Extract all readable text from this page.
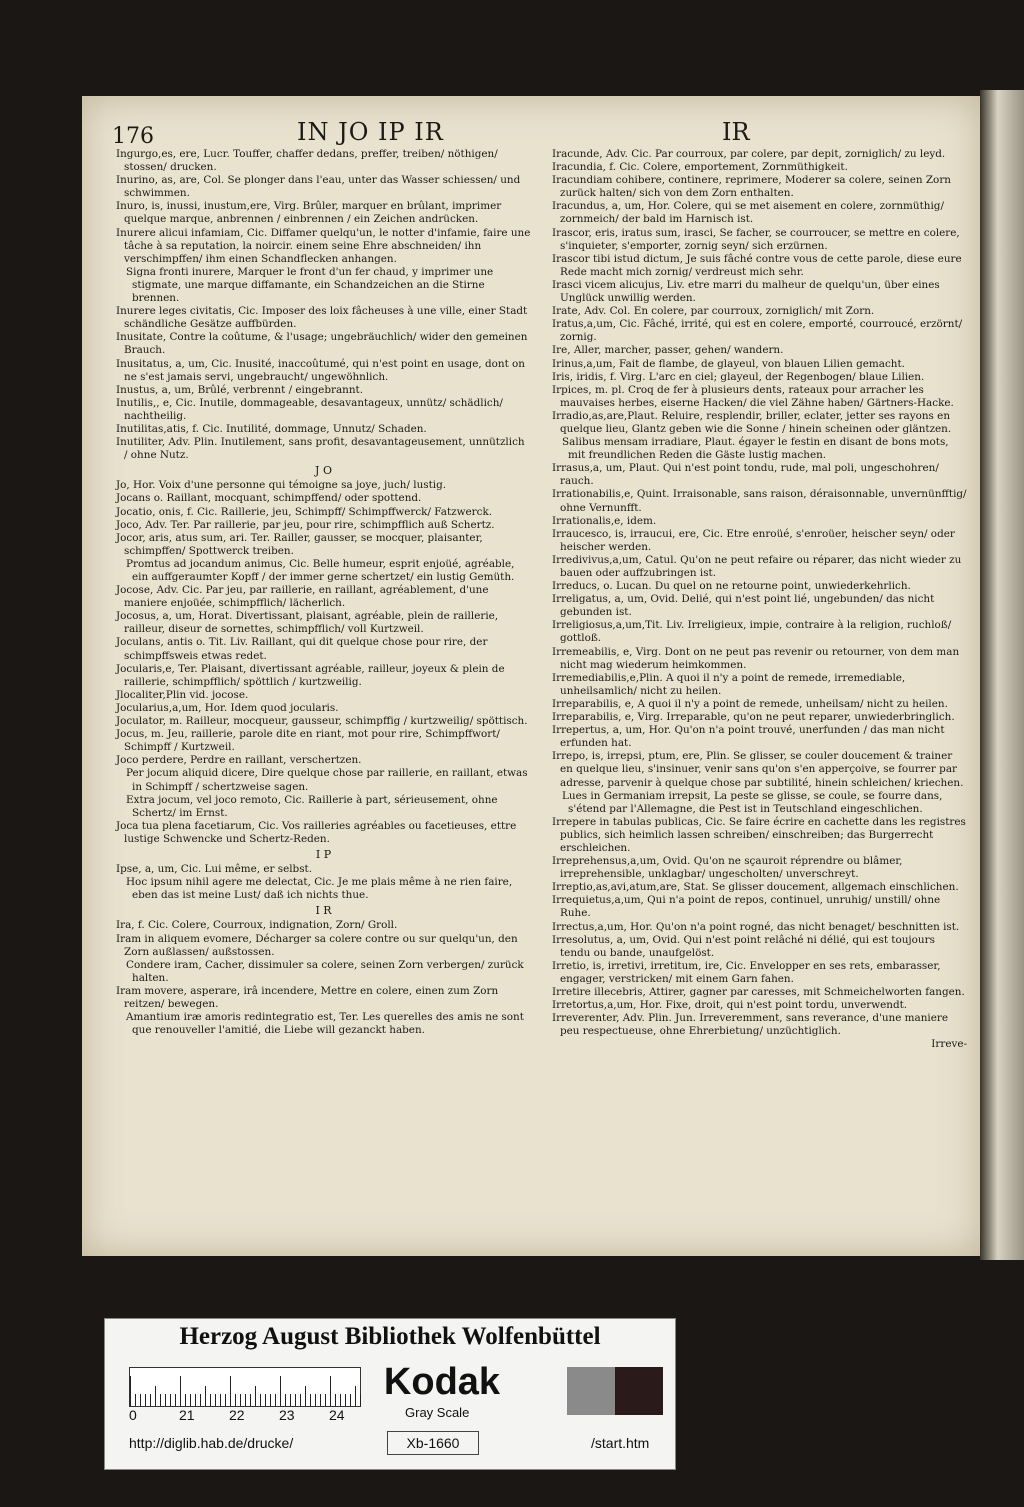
176	IN JO IP IR	IR
Ingurgo,es, ere, Lucr. Touffer, chaffer dedans, preffer, treiben/ nöthigen/ stossen/ drucken.
Inurino, as, are, Col. Se plonger dans l'eau, unter das Wasser schiessen/ und schwimmen.
Inuro, is, inussi, inustum,ere, Virg. Brûler, marquer en brûlant, imprimer quelque marque, anbrennen / einbrennen / ein Zeichen andrücken.
Inurere alicui infamiam, Cic. Diffamer quelqu'un, le notter d'infamie, faire une tâche à sa reputation, la noircir. einem seine Ehre abschneiden/ ihn verschimpffen/ ihm einen Schandflecken anhangen.
Signa fronti inurere, Marquer le front d'un fer chaud, y imprimer une stigmate, une marque diffamante, ein Schandzeichen an die Stirne brennen.
Inurere leges civitatis, Cic. Imposer des loix fâcheuses à une ville, einer Stadt schändliche Gesätze auffbürden.
Inusitate, Contre la coûtume, & l'usage; ungebräuchlich/ wider den gemeinen Brauch.
Inusitatus, a, um, Cic. Inusité, inaccoûtumé, qui n'est point en usage, dont on ne s'est jamais servi, ungebraucht/ ungewöhnlich.
Inustus, a, um, Brûlé, verbrennt / eingebrannt.
Inutilis,, e, Cic. Inutile, dommageable, desavantageux, unnütz/ schädlich/ nachtheilig.
Inutilitas,atis, f. Cic. Inutilité, dommage, Unnutz/ Schaden.
Inutiliter, Adv. Plin. Inutilement, sans profit, desavantageusement, unnützlich / ohne Nutz.
J O
Jo, Hor. Voix d'une personne qui témoigne sa joye, juch/ lustig.
Jocans o. Raillant, mocquant, schimpffend/ oder spottend.
Jocatio, onis, f. Cic. Raillerie, jeu, Schimpff/ Schimpffwerck/ Fatzwerck.
Joco, Adv. Ter. Par raillerie, par jeu, pour rire, schimpfflich auß Schertz.
Jocor, aris, atus sum, ari. Ter. Railler, gausser, se mocquer, plaisanter, schimpffen/ Spottwerck treiben.
Promtus ad jocandum animus, Cic. Belle humeur, esprit enjoüé, agréable, ein auffgeraumter Kopff / der immer gerne schertzet/ ein lustig Gemüth.
Jocose, Adv. Cic. Par jeu, par raillerie, en raillant, agréablement, d'une maniere enjoüée, schimpfflich/ lächerlich.
Jocosus, a, um, Horat. Divertissant, plaisant, agréable, plein de raillerie, railleur, diseur de sornettes, schimpfflich/ voll Kurtzweil.
Joculans, antis o. Tit. Liv. Raillant, qui dit quelque chose pour rire, der schimpffsweis etwas redet.
Jocularis,e, Ter. Plaisant, divertissant agréable, railleur, joyeux & plein de raillerie, schimpfflich/ spöttlich / kurtzweilig.
Jlocaliter,Plin vid. jocose.
Jocularius,a,um, Hor. Idem quod jocularis.
Joculator, m. Railleur, mocqueur, gausseur, schimpffig / kurtzweilig/ spöttisch.
Jocus, m. Jeu, raillerie, parole dite en riant, mot pour rire, Schimpffwort/ Schimpff / Kurtzweil.
Joco perdere, Perdre en raillant, verschertzen.
Per jocum aliquid dicere, Dire quelque chose par raillerie, en raillant, etwas in Schimpff / schertzweise sagen.
Extra jocum, vel joco remoto, Cic. Raillerie à part, sérieusement, ohne Schertz/ im Ernst.
Joca tua plena facetiarum, Cic. Vos railleries agréables ou facetieuses, ettre lustige Schwencke und Schertz-Reden.
I P
Ipse, a, um, Cic. Lui même, er selbst.
Hoc ipsum nihil agere me delectat, Cic. Je me plais même à ne rien faire, eben das ist meine Lust/ daß ich nichts thue.
I R
Ira, f. Cic. Colere, Courroux, indignation, Zorn/ Groll.
Iram in aliquem evomere, Décharger sa colere contre ou sur quelqu'un, den Zorn außlassen/ außstossen.
Condere iram, Cacher, dissimuler sa colere, seinen Zorn verbergen/ zurück halten.
Iram movere, asperare, irâ incendere, Mettre en colere, einen zum Zorn reitzen/ bewegen.
Amantium iræ amoris redintegratio est, Ter. Les querelles des amis ne sont que renouveller l'amitié, die Liebe will gezanckt haben.
Iracunde, Adv. Cic. Par courroux, par colere, par depit, zorniglich/ zu leyd.
Iracundia, f. Cic. Colere, emportement, Zornmüthigkeit.
Iracundiam cohibere, continere, reprimere, Moderer sa colere, seinen Zorn zurück halten/ sich von dem Zorn enthalten.
Iracundus, a, um, Hor. Colere, qui se met aisement en colere, zornmüthig/ zornmeich/ der bald im Harnisch ist.
Irascor, eris, iratus sum, irasci, Se facher, se courroucer, se mettre en colere, s'inquieter, s'emporter, zornig seyn/ sich erzürnen.
Irascor tibi istud dictum, Je suis fâché contre vous de cette parole, diese eure Rede macht mich zornig/ verdreust mich sehr.
Irasci vicem alicujus, Liv. etre marri du malheur de quelqu'un, über eines Unglück unwillig werden.
Irate, Adv. Col. En colere, par courroux, zorniglich/ mit Zorn.
Iratus,a,um, Cic. Fâché, irrité, qui est en colere, emporté, courroucé, erzörnt/ zornig.
Ire, Aller, marcher, passer, gehen/ wandern.
Irinus,a,um, Fait de flambe, de glayeul, von blauen Lilien gemacht.
Iris, iridis, f. Virg. L'arc en ciel; glayeul, der Regenbogen/ blaue Lilien.
Irpices, m. pl. Croq de fer à plusieurs dents, rateaux pour arracher les mauvaises herbes, eiserne Hacken/ die viel Zähne haben/ Gärtners-Hacke.
Irradio,as,are,Plaut. Reluire, resplendir, briller, eclater, jetter ses rayons en quelque lieu, Glantz geben wie die Sonne / hinein scheinen oder gläntzen.
Salibus mensam irradiare, Plaut. égayer le festin en disant de bons mots, mit freundlichen Reden die Gäste lustig machen.
Irrasus,a, um, Plaut. Qui n'est point tondu, rude, mal poli, ungeschohren/ rauch.
Irrationabilis,e, Quint. Irraisonable, sans raison, déraisonnable, unvernünfftig/ ohne Vernunfft.
Irrationalis,e, idem.
Irraucesco, is, irraucui, ere, Cic. Etre enroüé, s'enroüer, heischer seyn/ oder heischer werden.
Irredivivus,a,um, Catul. Qu'on ne peut refaire ou réparer, das nicht wieder zu bauen oder auffzubringen ist.
Irreducs, o. Lucan. Du quel on ne retourne point, unwiederkehrlich.
Irreligatus, a, um, Ovid. Delié, qui n'est point lié, ungebunden/ das nicht gebunden ist.
Irreligiosus,a,um,Tit. Liv. Irreligieux, impie, contraire à la religion, ruchloß/ gottloß.
Irremeabilis, e, Virg. Dont on ne peut pas revenir ou retourner, von dem man nicht mag wiederum heimkommen.
Irremediabilis,e,Plin. A quoi il n'y a point de remede, irremediable, unheilsamlich/ nicht zu heilen.
Irreparabilis, e, A quoi il n'y a point de remede, unheilsam/ nicht zu heilen.
Irreparabilis, e, Virg. Irreparable, qu'on ne peut reparer, unwiederbringlich.
Irrepertus, a, um, Hor. Qu'on n'a point trouvé, unerfunden / das man nicht erfunden hat.
Irrepo, is, irrepsi, ptum, ere, Plin. Se glisser, se couler doucement & trainer en quelque lieu, s'insinuer, venir sans qu'on s'en apperçoive, se fourrer par adresse, parvenir à quelque chose par subtilité, hinein schleichen/ kriechen.
Lues in Germaniam irrepsit, La peste se glisse, se coule, se fourre dans, s'étend par l'Allemagne, die Pest ist in Teutschland eingeschlichen.
Irrepere in tabulas publicas, Cic. Se faire écrire en cachette dans les registres publics, sich heimlich lassen schreiben/ einschreiben; das Burgerrecht erschleichen.
Irreprehensus,a,um, Ovid. Qu'on ne sçauroit réprendre ou blâmer, irreprehensible, unklagbar/ ungescholten/ unverschreyt.
Irreptio,as,avi,atum,are, Stat. Se glisser doucement, allgemach einschlichen.
Irrequietus,a,um, Qui n'a point de repos, continuel, unruhig/ unstill/ ohne Ruhe.
Irrectus,a,um, Hor. Qu'on n'a point rogné, das nicht benaget/ beschnitten ist.
Irresolutus, a, um, Ovid. Qui n'est point relâché ni délié, qui est toujours tendu ou bande, unaufgelöst.
Irretio, is, irretivi, irretitum, ire, Cic. Envelopper en ses rets, embarasser, engager, verstricken/ mit einem Garn fahen.
Irretire illecebris, Attirer, gagner par caresses, mit Schmeichelworten fangen.
Irretortus,a,um, Hor. Fixe, droit, qui n'est point tordu, unverwendt.
Irreverenter, Adv. Plin. Jun. Irreveremment, sans reverance, d'une maniere peu respectueuse, ohne Ehrerbietung/ unzüchtiglich.
Irreve-
Herzog August Bibliothek Wolfenbüttel
0	21 22 23 24
Kodak
Gray Scale
http://diglib.hab.de/drucke/	Xb-1660	/start.htm
